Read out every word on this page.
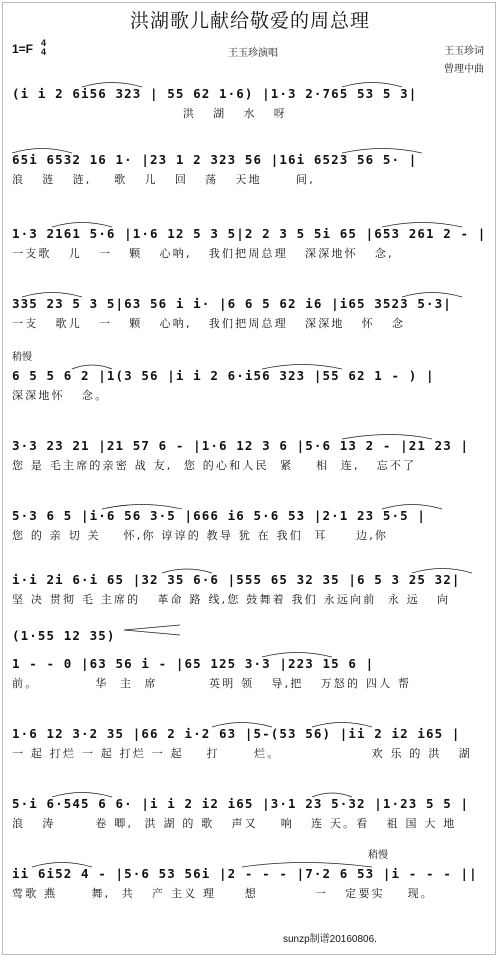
洪湖歌儿献给敬爱的周总理
1=F 4
4	王玉珍演唱	王玉珍词
曾理中曲
(i i 2 6i56 323 | 55 62 1·6) |1·3 2·765 53 5 3|
洪   湖   水   呀
65i 6532 16 1· |23 1 2 323 56 |16i 6523 56 5· |
浪   涟   涟,    歌   儿   回   荡   天地      间,
1·3 2161 5·6 |1·6 12 5 3 5|2 2 3 5 5i 65 |653 261 2 - |
一支歌   儿   一   颗   心呐,   我们把周总理   深深地怀   念,
335 23 5 3 5|63 56 i i· |6 6 5 62 i6 |i65 3523 5·3|
一支   歌儿   一   颗   心呐,   我们把周总理   深深地   怀   念
稍慢
6 5 5 6 2 |1(3 56 |i i 2 6·i56 323 |55 62 1 - ) |
深深地怀   念。
3·3 23 21 |21 57 6 - |1·6 12 3 6 |5·6 13 2 - |21 23 |
您 是 毛主席的亲密 战 友,  您 的心和人民  紧    相  连,   忘不了
5·3 6 5 |i·6 56 3·5 |666 i6 5·6 53 |2·1 23 5·5 |
您 的 亲 切 关    怀,你 谆谆的 教导 犹 在 我们  耳     边,你
i·i 2i 6·i 65 |32 35 6·6 |555 65 32 35 |6 5 3 25 32|
坚 决 贯彻 毛 主席的   革命 路 线,您 鼓舞着 我们 永远向前  永 远   向
(1·55 12 35)
1 - - 0 |63 56 i - |65 125 3·3 |223 15 6 |
前。          华  主  席         英明 领   导,把   万怒的 四人 帮
1·6 12 3·2 35 |66 2 i·2 63 |5-(53 56) |ii 2 i2 i65 |
一 起 打烂 一 起 打烂 一 起    打      烂。                欢 乐 的 洪   湖
5·i 6·545 6 6· |i i 2 i2 i65 |3·1 23 5·32 |1·23 5 5 |
浪   涛       卷 唧,  洪 湖 的 歌   声又    响   连 天。看   祖 国 大 地
稍慢
ii 6i52 4 - |5·6 53 56i |2 - - - |7·2 6 53 |i - - - ||
莺歌 燕      舞,  共   产 主义 理     想          一   定要实    现。
sunzp制谱20160806.
